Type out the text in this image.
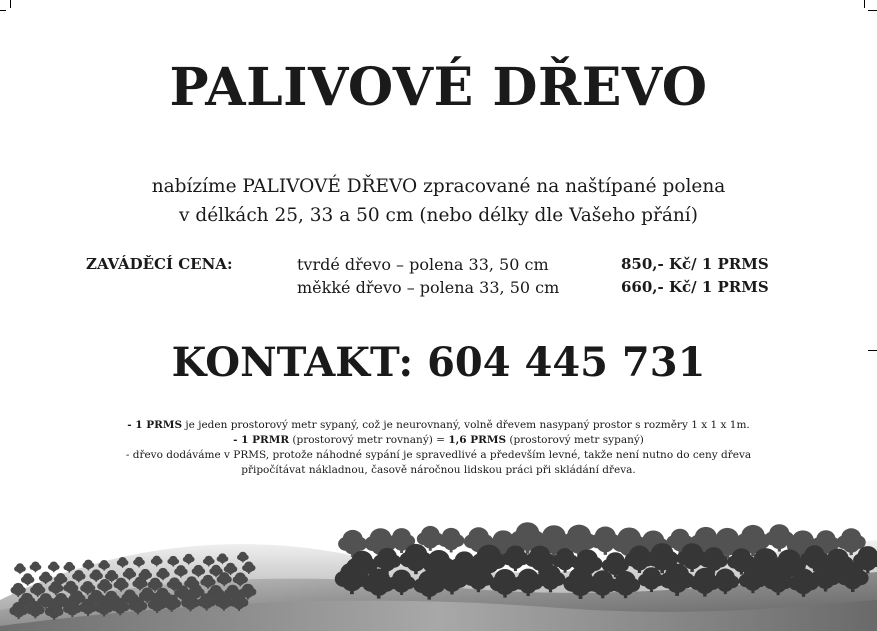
PALIVOVÉ DŘEVO
nabízíme PALIVOVÉ DŘEVO zpracované na naštípané polena
v délkách 25, 33 a 50 cm (nebo délky dle Vašeho přání)
ZAVÁDĚCÍ CENA:	tvrdé dřevo – polena 33, 50 cm	850,- Kč/ 1 PRMS
měkké dřevo – polena 33, 50 cm	660,- Kč/ 1 PRMS
KONTAKT: 604 445 731
- 1 PRMS je jeden prostorový metr sypaný, což je neurovnaný, volně dřevem nasypaný prostor s rozměry 1 x 1 x 1m.
- 1 PRMR (prostorový metr rovnaný) = 1,6 PRMS (prostorový metr sypaný)
- dřevo dodáváme v PRMS, protože náhodné sypání je spravedlivé a především levné, takže není nutno do ceny dřeva
připočítávat nákladnou, časově náročnou lidskou práci při skládání dřeva.
